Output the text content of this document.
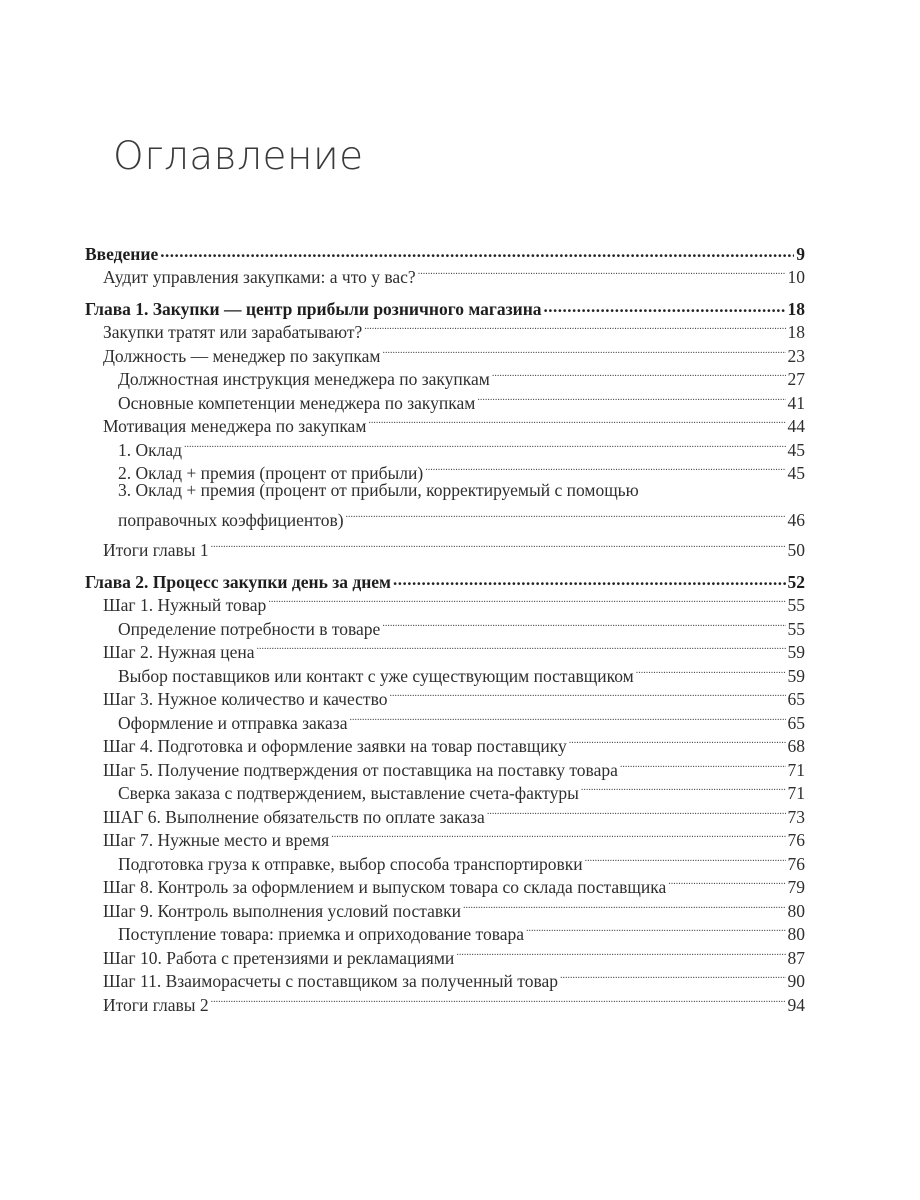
Оглавление
Введение .....	9
Аудит управления закупками: а что у вас? .....	10
Глава 1. Закупки — центр прибыли розничного магазина .....	18
Закупки тратят или зарабатывают? .....	18
Должность — менеджер по закупкам .....	23
Должностная инструкция менеджера по закупкам .....	27
Основные компетенции менеджера по закупкам .....	41
Мотивация менеджера по закупкам .....	44
1. Оклад .....	45
2. Оклад + премия (процент от прибыли) .....	45
3. Оклад + премия (процент от прибыли, корректируемый с помощью
поправочных коэффициентов) .....	46
Итоги главы 1 .....	50
Глава 2. Процесс закупки день за днем .....	52
Шаг 1. Нужный товар .....	55
Определение потребности в товаре .....	55
Шаг 2. Нужная цена .....	59
Выбор поставщиков или контакт с уже существующим поставщиком .....	59
Шаг 3. Нужное количество и качество .....	65
Оформление и отправка заказа .....	65
Шаг 4. Подготовка и оформление заявки на товар поставщику .....	68
Шаг 5. Получение подтверждения от поставщика на поставку товара .....	71
Сверка заказа с подтверждением, выставление счета-фактуры .....	71
ШАГ 6. Выполнение обязательств по оплате заказа .....	73
Шаг 7. Нужные место и время .....	76
Подготовка груза к отправке, выбор способа транспортировки .....	76
Шаг 8. Контроль за оформлением и выпуском товара со склада поставщика .....	79
Шаг 9. Контроль выполнения условий поставки .....	80
Поступление товара: приемка и оприходование товара .....	80
Шаг 10. Работа с претензиями и рекламациями .....	87
Шаг 11. Взаиморасчеты с поставщиком за полученный товар .....	90
Итоги главы 2 .....	94
